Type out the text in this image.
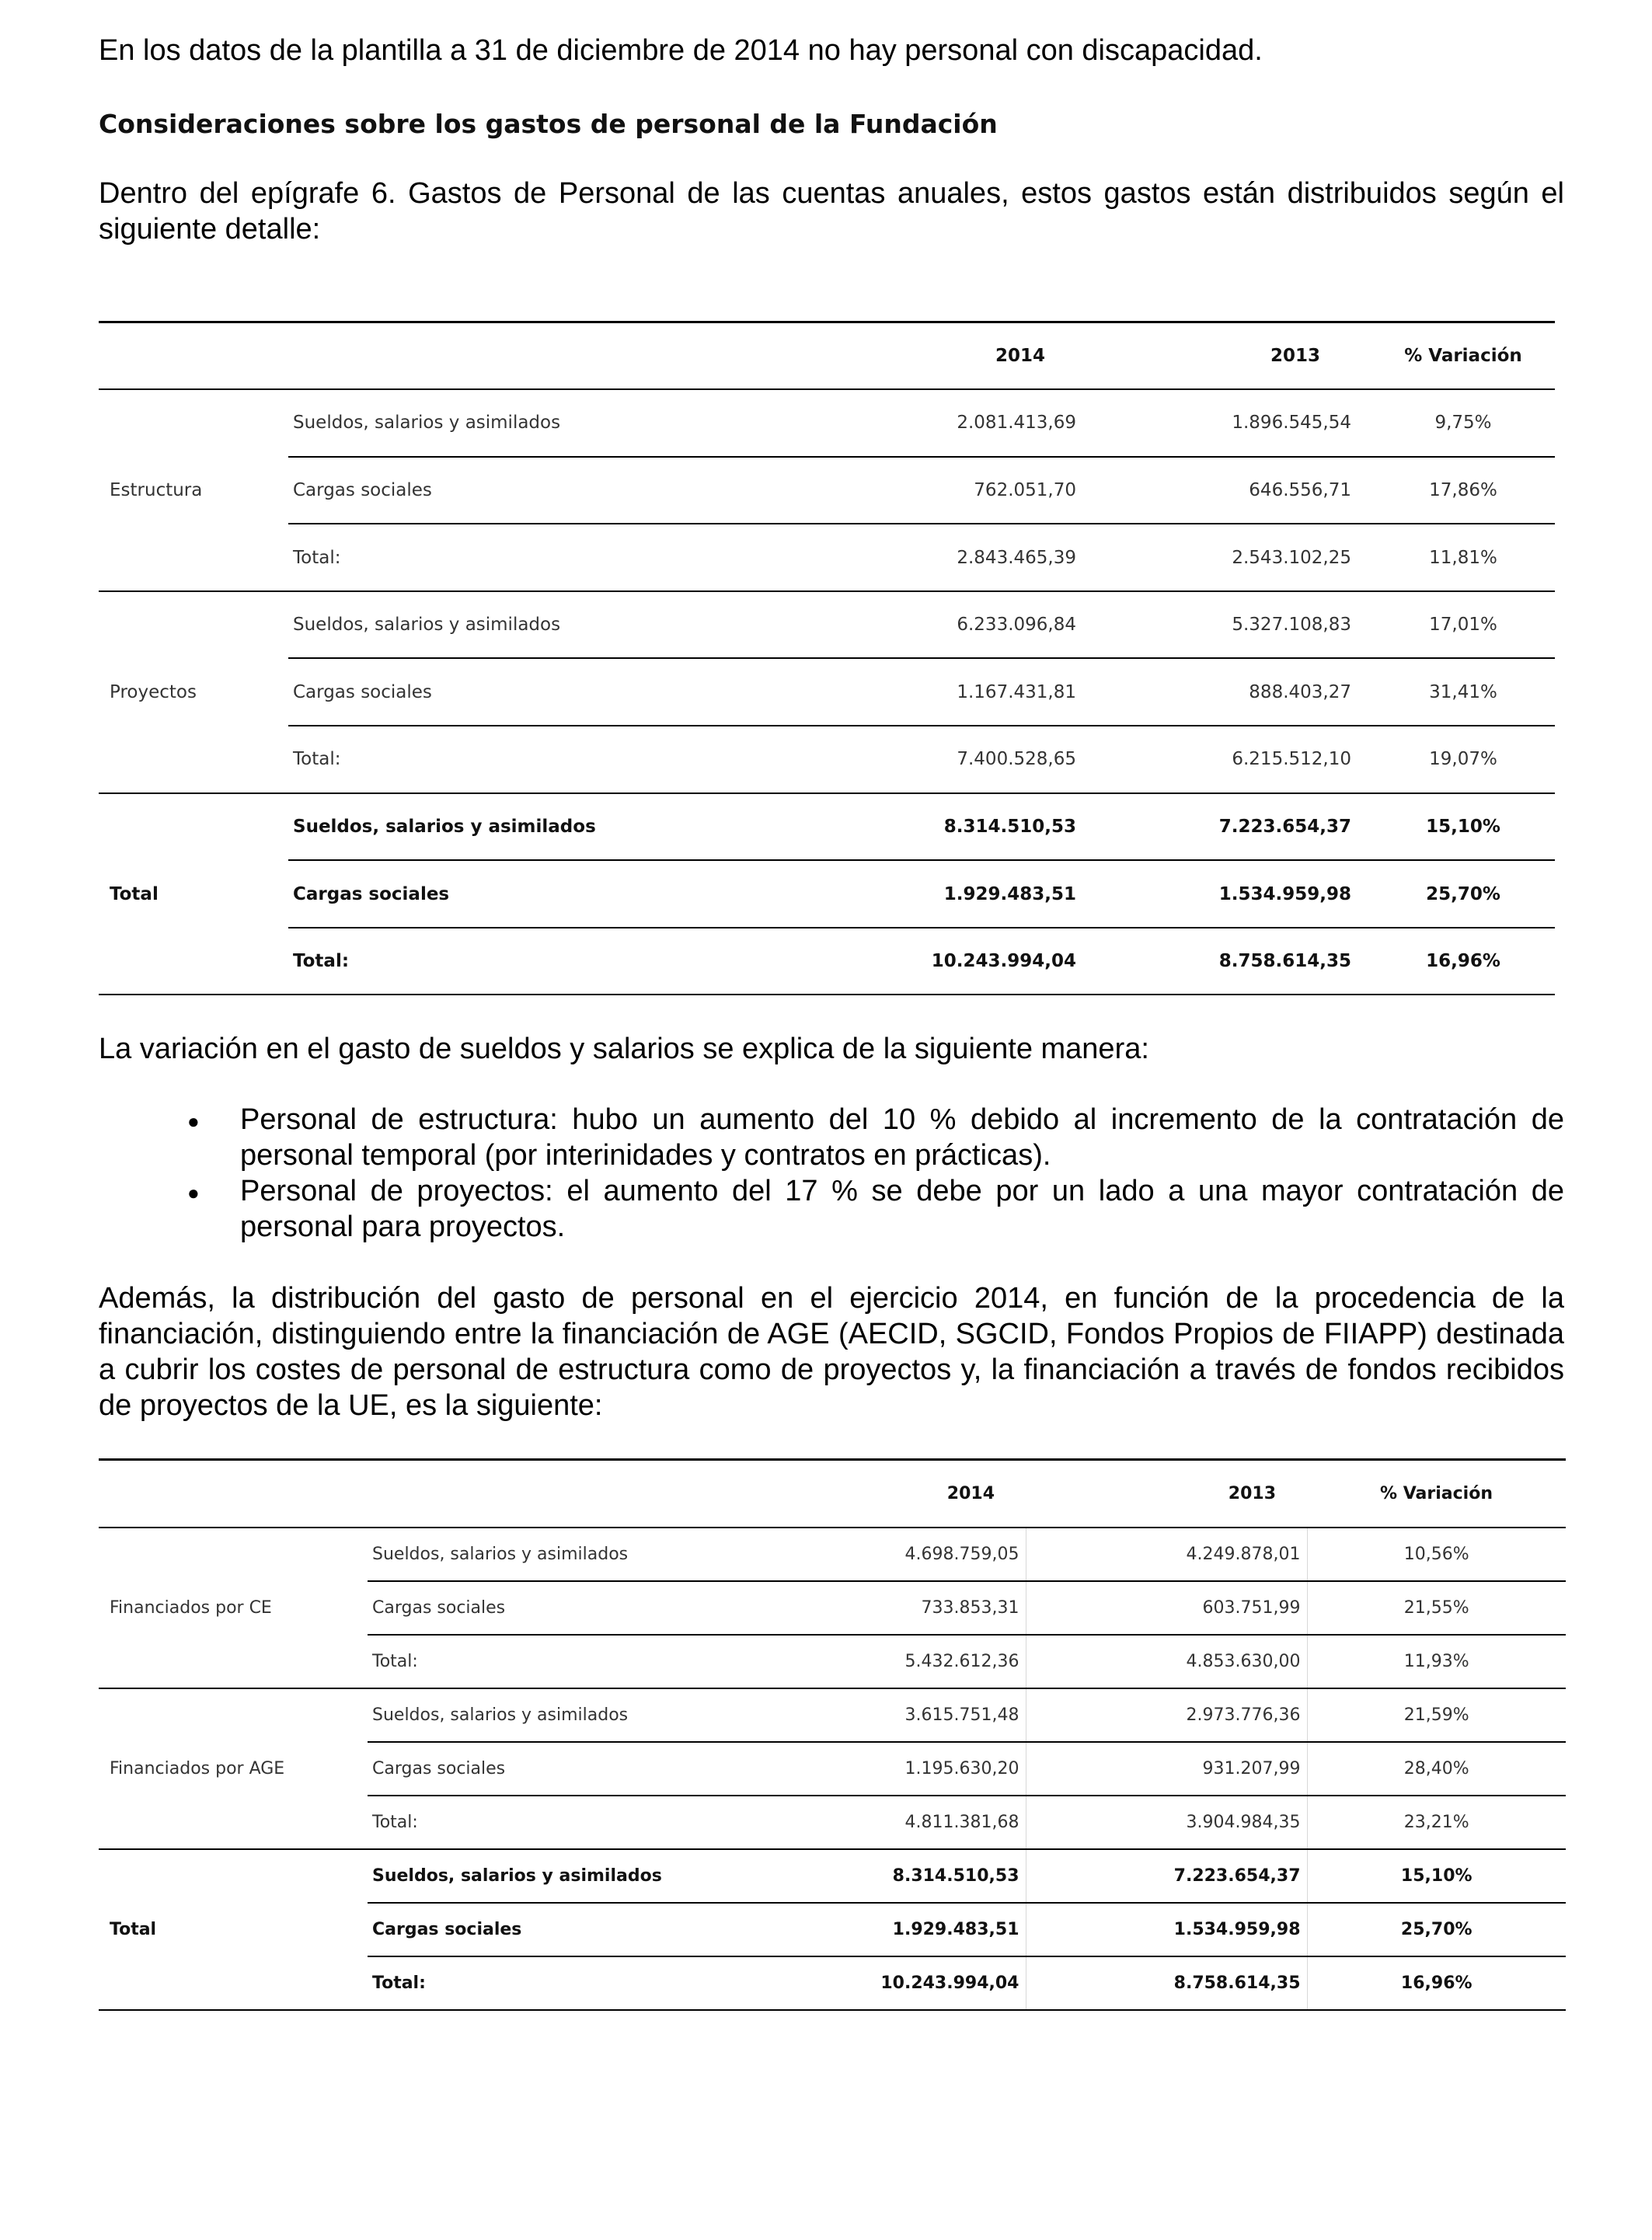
En los datos de la plantilla a 31 de diciembre de 2014 no hay personal con discapacidad.

Consideraciones sobre los gastos de personal de la Fundación

Dentro del epígrafe 6. Gastos de Personal de las cuentas anuales, estos gastos están distribuidos según el siguiente detalle:

		2014	2013	% Variación
Estructura	Sueldos, salarios y asimilados	2.081.413,69	1.896.545,54	9,75%
	Cargas sociales	762.051,70	646.556,71	17,86%
	Total:	2.843.465,39	2.543.102,25	11,81%
Proyectos	Sueldos, salarios y asimilados	6.233.096,84	5.327.108,83	17,01%
	Cargas sociales	1.167.431,81	888.403,27	31,41%
	Total:	7.400.528,65	6.215.512,10	19,07%
Total	Sueldos, salarios y asimilados	8.314.510,53	7.223.654,37	15,10%
	Cargas sociales	1.929.483,51	1.534.959,98	25,70%
	Total:	10.243.994,04	8.758.614,35	16,96%

La variación en el gasto de sueldos y salarios se explica de la siguiente manera:

● Personal de estructura: hubo un aumento del 10 % debido al incremento de la contratación de personal temporal (por interinidades y contratos en prácticas).
● Personal de proyectos: el aumento del 17 % se debe por un lado a una mayor contratación de personal para proyectos.

Además, la distribución del gasto de personal en el ejercicio 2014, en función de la procedencia de la financiación, distinguiendo entre la financiación de AGE (AECID, SGCID, Fondos Propios de FIIAPP) destinada a cubrir los costes de personal de estructura como de proyectos y, la financiación a través de fondos recibidos de proyectos de la UE, es la siguiente:

		2014	2013	% Variación
Financiados por CE	Sueldos, salarios y asimilados	4.698.759,05	4.249.878,01	10,56%
	Cargas sociales	733.853,31	603.751,99	21,55%
	Total:	5.432.612,36	4.853.630,00	11,93%
Financiados por AGE	Sueldos, salarios y asimilados	3.615.751,48	2.973.776,36	21,59%
	Cargas sociales	1.195.630,20	931.207,99	28,40%
	Total:	4.811.381,68	3.904.984,35	23,21%
Total	Sueldos, salarios y asimilados	8.314.510,53	7.223.654,37	15,10%
	Cargas sociales	1.929.483,51	1.534.959,98	25,70%
	Total:	10.243.994,04	8.758.614,35	16,96%
